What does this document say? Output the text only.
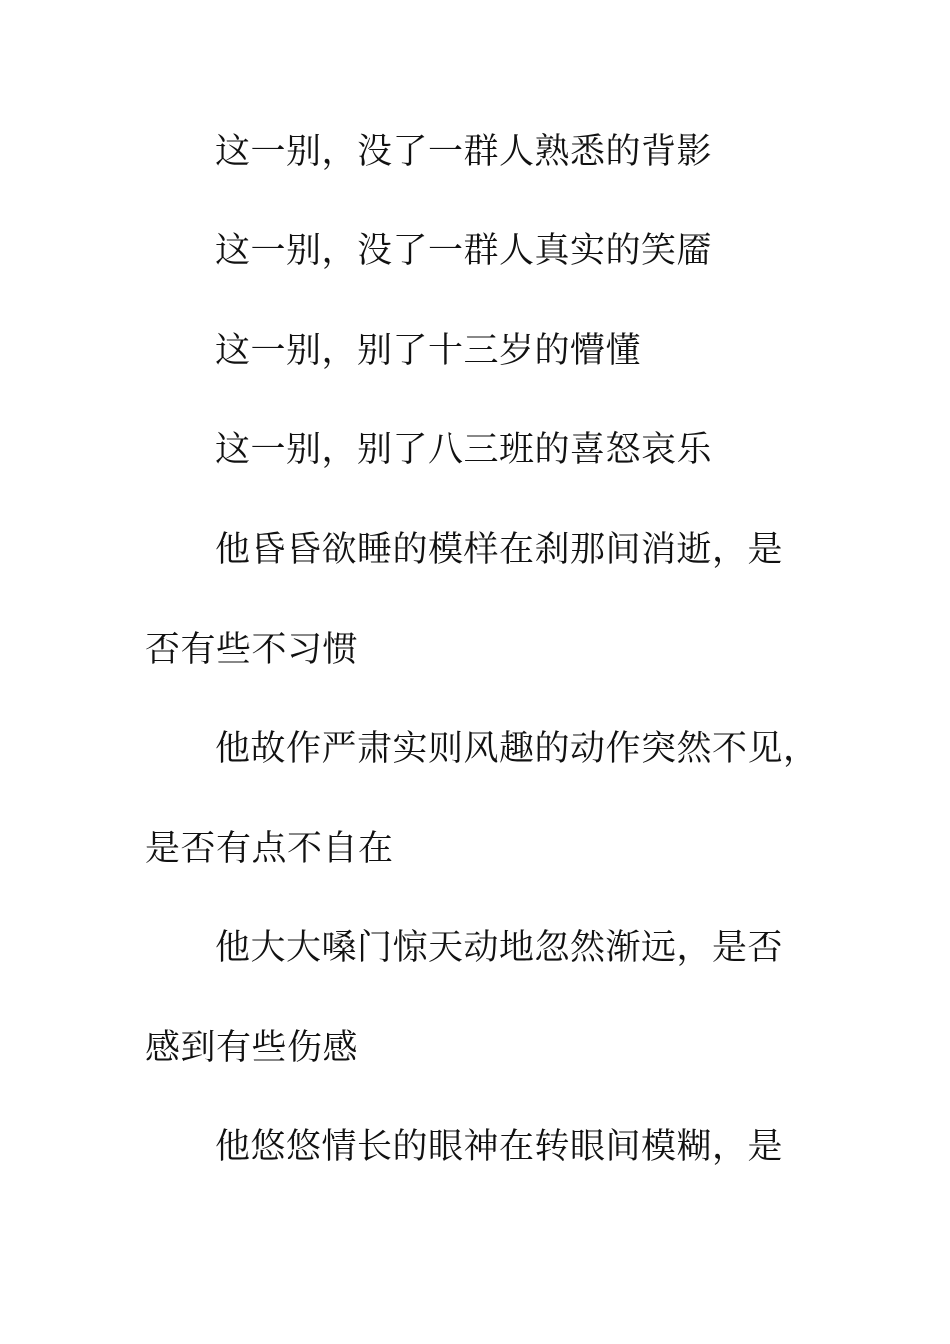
这一别，没了一群人熟悉的背影
这一别，没了一群人真实的笑靥
这一别，别了十三岁的懵懂
这一别，别了八三班的喜怒哀乐
他昏昏欲睡的模样在刹那间消逝，是
否有些不习惯
他故作严肃实则风趣的动作突然不见，
是否有点不自在
他大大嗓门惊天动地忽然渐远，是否
感到有些伤感
他悠悠情长的眼神在转眼间模糊，是
